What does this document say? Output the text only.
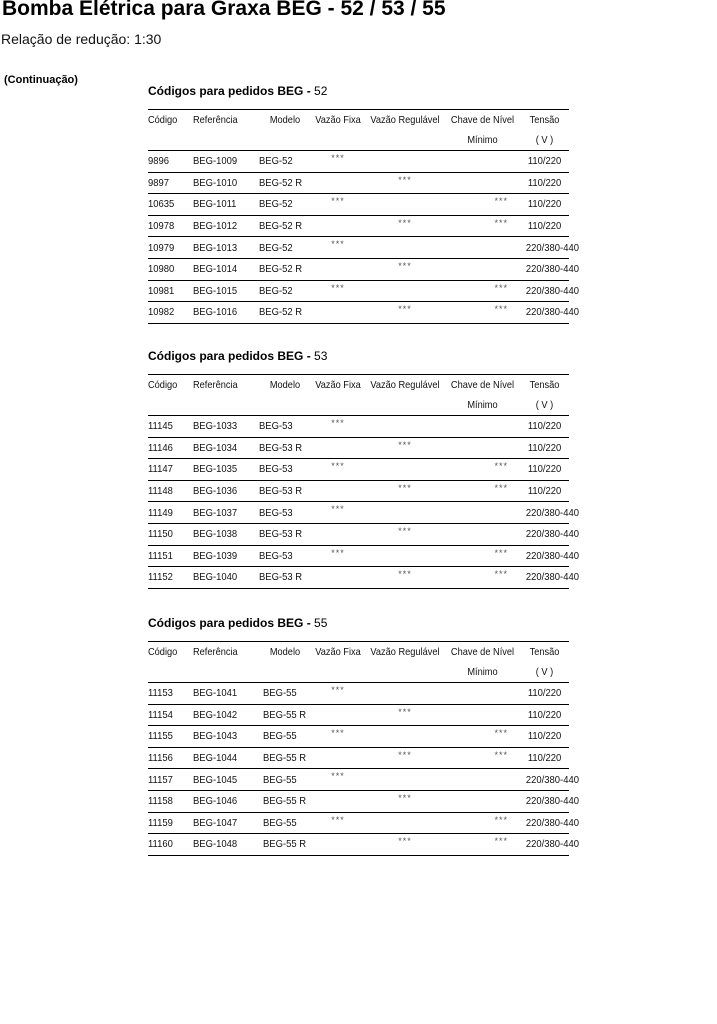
Bomba Elétrica para Graxa BEG - 52 / 53 / 55
Relação de redução: 1:30
(Continuação)
Códigos para pedidos BEG - 52
Código	Referência	Modelo	Vazão Fixa	Vazão Regulável	Chave de Nível	Tensão
					Mínimo	( V )
9896	BEG-1009	BEG-52	***			110/220
9897	BEG-1010	BEG-52 R		***		110/220
10635	BEG-1011	BEG-52	***		***	110/220
10978	BEG-1012	BEG-52 R		***	***	110/220
10979	BEG-1013	BEG-52	***			220/380-440
10980	BEG-1014	BEG-52 R		***		220/380-440
10981	BEG-1015	BEG-52	***		***	220/380-440
10982	BEG-1016	BEG-52 R		***	***	220/380-440
Códigos para pedidos BEG - 53
Código	Referência	Modelo	Vazão Fixa	Vazão Regulável	Chave de Nível	Tensão
					Mínimo	( V )
11145	BEG-1033	BEG-53	***			110/220
11146	BEG-1034	BEG-53 R		***		110/220
11147	BEG-1035	BEG-53	***		***	110/220
11148	BEG-1036	BEG-53 R		***	***	110/220
11149	BEG-1037	BEG-53	***			220/380-440
11150	BEG-1038	BEG-53 R		***		220/380-440
11151	BEG-1039	BEG-53	***		***	220/380-440
11152	BEG-1040	BEG-53 R		***	***	220/380-440
Códigos para pedidos BEG - 55
Código	Referência	Modelo	Vazão Fixa	Vazão Regulável	Chave de Nível	Tensão
					Mínimo	( V )
11153	BEG-1041	BEG-55	***			110/220
11154	BEG-1042	BEG-55 R		***		110/220
11155	BEG-1043	BEG-55	***		***	110/220
11156	BEG-1044	BEG-55 R		***	***	110/220
11157	BEG-1045	BEG-55	***			220/380-440
11158	BEG-1046	BEG-55 R		***		220/380-440
11159	BEG-1047	BEG-55	***		***	220/380-440
11160	BEG-1048	BEG-55 R		***	***	220/380-440
